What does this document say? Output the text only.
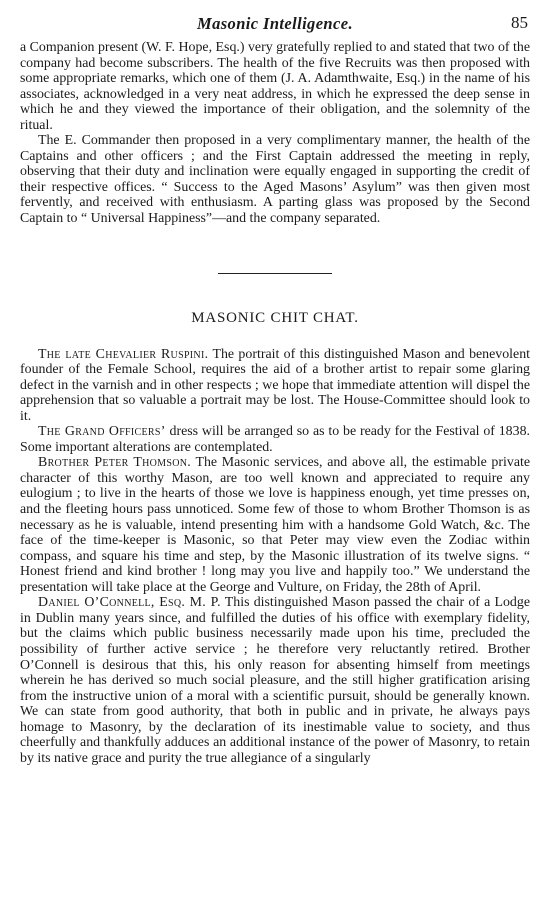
Masonic Intelligence.	85

a Companion present (W. F. Hope, Esq.) very gratefully replied to and stated that two of the company had become subscribers. The health of the five Recruits was then proposed with some appropriate remarks, which one of them (J. A. Adamthwaite, Esq.) in the name of his associates, acknowledged in a very neat address, in which he expressed the deep sense in which he and they viewed the importance of their obligation, and the solemnity of the ritual.

The E. Commander then proposed in a very complimentary manner, the health of the Captains and other officers ; and the First Captain addressed the meeting in reply, observing that their duty and inclination were equally engaged in supporting the credit of their respective offices. “ Success to the Aged Masons’ Asylum” was then given most fervently, and received with enthusiasm. A parting glass was proposed by the Second Captain to “ Universal Happiness”—and the company separated.

MASONIC CHIT CHAT.

The late Chevalier Ruspini. The portrait of this distinguished Mason and benevolent founder of the Female School, requires the aid of a brother artist to repair some glaring defect in the varnish and in other respects ; we hope that immediate attention will dispel the apprehension that so valuable a portrait may be lost. The House-Committee should look to it.

The Grand Officers’ dress will be arranged so as to be ready for the Festival of 1838. Some important alterations are contemplated.

Brother Peter Thomson. The Masonic services, and above all, the estimable private character of this worthy Mason, are too well known and appreciated to require any eulogium ; to live in the hearts of those we love is happiness enough, yet time presses on, and the fleeting hours pass unnoticed. Some few of those to whom Brother Thomson is as necessary as he is valuable, intend presenting him with a handsome Gold Watch, &c. The face of the time-keeper is Masonic, so that Peter may view even the Zodiac within compass, and square his time and step, by the Masonic illustration of its twelve signs. “ Honest friend and kind brother ! long may you live and happily too.” We understand the presentation will take place at the George and Vulture, on Friday, the 28th of April.

Daniel O’Connell, Esq. M. P. This distinguished Mason passed the chair of a Lodge in Dublin many years since, and fulfilled the duties of his office with exemplary fidelity, but the claims which public business necessarily made upon his time, precluded the possibility of further active service ; he therefore very reluctantly retired. Brother O’Connell is desirous that this, his only reason for absenting himself from meetings wherein he has derived so much social pleasure, and the still higher gratification arising from the instructive union of a moral with a scientific pursuit, should be generally known. We can state from good authority, that both in public and in private, he always pays homage to Masonry, by the declaration of its inestimable value to society, and thus cheerfully and thankfully adduces an additional instance of the power of Masonry, to retain by its native grace and purity the true allegiance of a singularly
